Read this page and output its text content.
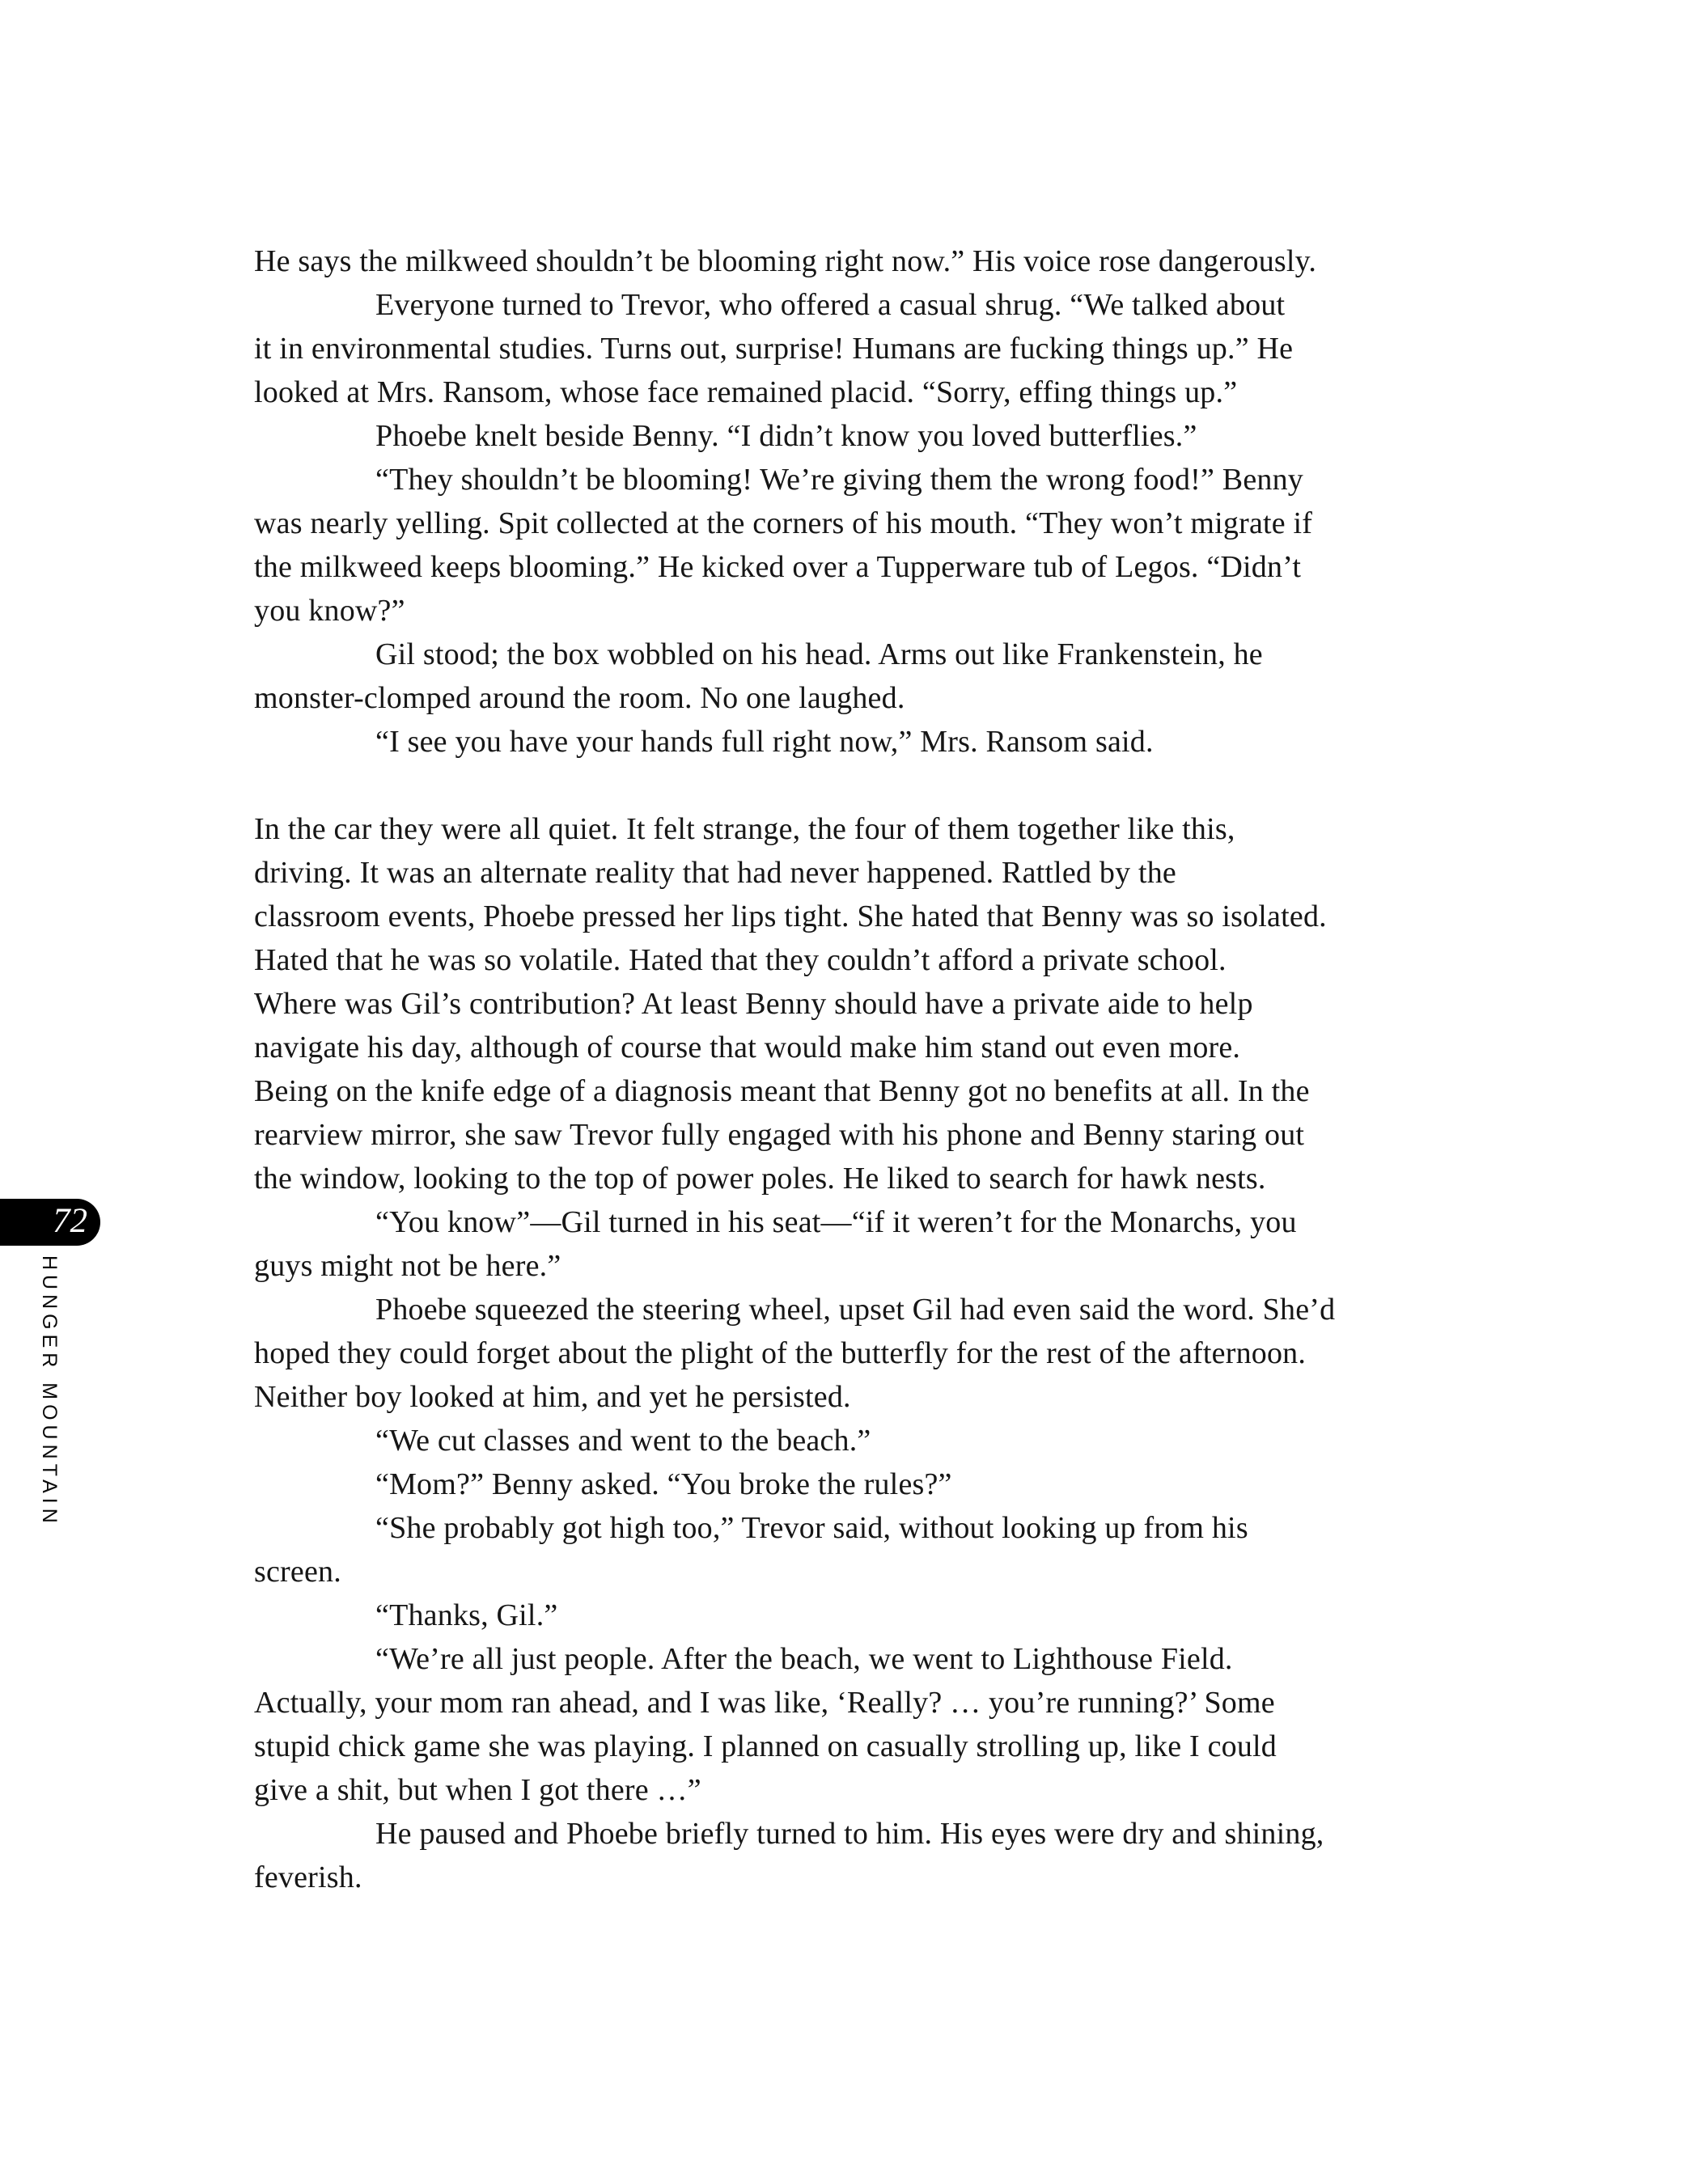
72
HUNGER MOUNTAIN
He says the milkweed shouldn’t be blooming right now.” His voice rose dangerously.
Everyone turned to Trevor, who offered a casual shrug. “We talked about
it in environmental studies. Turns out, surprise! Humans are fucking things up.” He
looked at Mrs. Ransom, whose face remained placid. “Sorry, effing things up.”
Phoebe knelt beside Benny. “I didn’t know you loved butterflies.”
“They shouldn’t be blooming! We’re giving them the wrong food!” Benny
was nearly yelling. Spit collected at the corners of his mouth. “They won’t migrate if
the milkweed keeps blooming.” He kicked over a Tupperware tub of Legos. “Didn’t
you know?”
Gil stood; the box wobbled on his head. Arms out like Frankenstein, he
monster-clomped around the room. No one laughed.
“I see you have your hands full right now,” Mrs. Ransom said.
In the car they were all quiet. It felt strange, the four of them together like this,
driving. It was an alternate reality that had never happened. Rattled by the
classroom events, Phoebe pressed her lips tight. She hated that Benny was so isolated.
Hated that he was so volatile. Hated that they couldn’t afford a private school.
Where was Gil’s contribution? At least Benny should have a private aide to help
navigate his day, although of course that would make him stand out even more.
Being on the knife edge of a diagnosis meant that Benny got no benefits at all. In the
rearview mirror, she saw Trevor fully engaged with his phone and Benny staring out
the window, looking to the top of power poles. He liked to search for hawk nests.
“You know”—Gil turned in his seat—“if it weren’t for the Monarchs, you
guys might not be here.”
Phoebe squeezed the steering wheel, upset Gil had even said the word. She’d
hoped they could forget about the plight of the butterfly for the rest of the afternoon.
Neither boy looked at him, and yet he persisted.
“We cut classes and went to the beach.”
“Mom?” Benny asked. “You broke the rules?”
“She probably got high too,” Trevor said, without looking up from his
screen.
“Thanks, Gil.”
“We’re all just people. After the beach, we went to Lighthouse Field.
Actually, your mom ran ahead, and I was like, ‘Really? … you’re running?’ Some
stupid chick game she was playing. I planned on casually strolling up, like I could
give a shit, but when I got there …”
He paused and Phoebe briefly turned to him. His eyes were dry and shining,
feverish.
